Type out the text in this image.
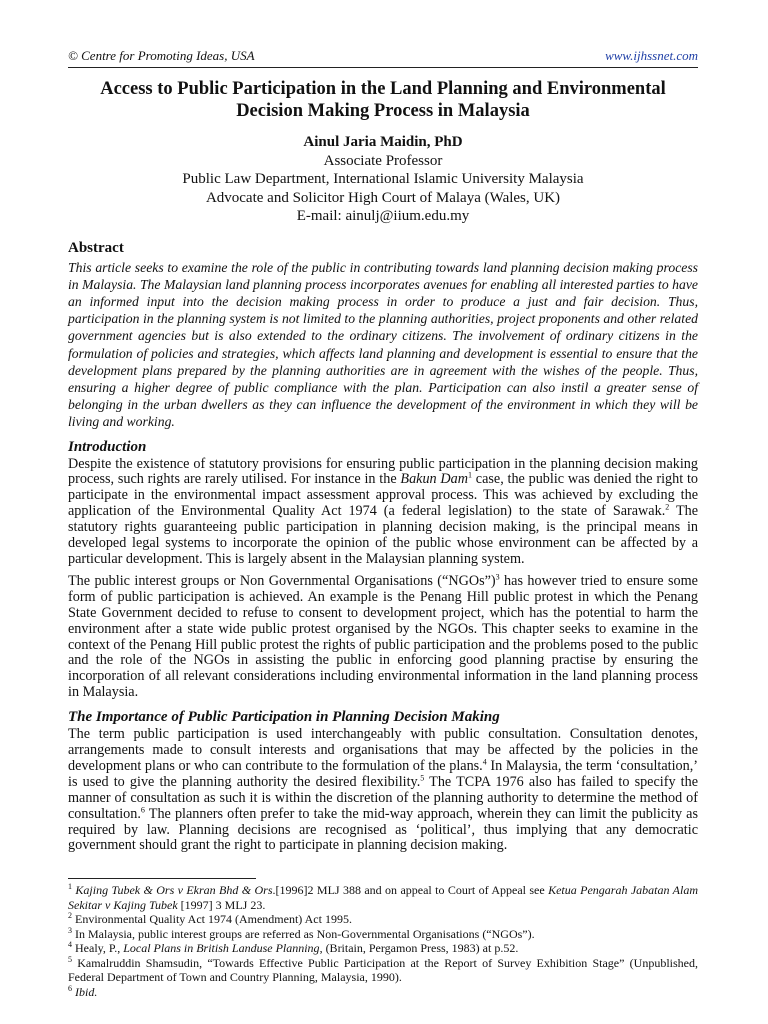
© Centre for Promoting Ideas, USA	www.ijhssnet.com
Access to Public Participation in the Land Planning and Environmental Decision Making Process in Malaysia
Ainul Jaria Maidin, PhD
Associate Professor
Public Law Department, International Islamic University Malaysia
Advocate and Solicitor High Court of Malaya (Wales, UK)
E-mail: ainulj@iium.edu.my
Abstract

This article seeks to examine the role of the public in contributing towards land planning decision making process in Malaysia. The Malaysian land planning process incorporates avenues for enabling all interested parties to have an informed input into the decision making process in order to produce a just and fair decision. Thus, participation in the planning system is not limited to the planning authorities, project proponents and other related government agencies but is also extended to the ordinary citizens. The involvement of ordinary citizens in the formulation of policies and strategies, which affects land planning and development is essential to ensure that the development plans prepared by the planning authorities are in agreement with the wishes of the people. Thus, ensuring a higher degree of public compliance with the plan. Participation can also instil a greater sense of belonging in the urban dwellers as they can influence the development of the environment in which they will be living and working.

Introduction

Despite the existence of statutory provisions for ensuring public participation in the planning decision making process, such rights are rarely utilised. For instance in the Bakun Dam$^1$ case, the public was denied the right to participate in the environmental impact assessment approval process. This was achieved by excluding the application of the Environmental Quality Act 1974 (a federal legislation) to the state of Sarawak.$^2$ The statutory rights guaranteeing public participation in planning decision making, is the principal means in developed legal systems to incorporate the opinion of the public whose environment can be affected by a particular development. This is largely absent in the Malaysian planning system.

The public interest groups or Non Governmental Organisations (“NGOs”)$^3$ has however tried to ensure some form of public participation is achieved. An example is the Penang Hill public protest in which the Penang State Government decided to refuse to consent to development project, which has the potential to harm the environment after a state wide public protest organised by the NGOs. This chapter seeks to examine in the context of the Penang Hill public protest the rights of public participation and the problems posed to the public and the role of the NGOs in assisting the public in enforcing good planning practise by ensuring the incorporation of all relevant considerations including environmental information in the land planning process in Malaysia.

The Importance of Public Participation in Planning Decision Making

The term public participation is used interchangeably with public consultation. Consultation denotes, arrangements made to consult interests and organisations that may be affected by the policies in the development plans or who can contribute to the formulation of the plans.$^4$ In Malaysia, the term ‘consultation,’ is used to give the planning authority the desired flexibility.$^5$ The TCPA 1976 also has failed to specify the manner of consultation as such it is within the discretion of the planning authority to determine the method of consultation.$^6$ The planners often prefer to take the mid-way approach, wherein they can limit the publicity as required by law. Planning decisions are recognised as ‘political’, thus implying that any democratic government should grant the right to participate in planning decision making.

$^1$ Kajing Tubek & Ors v Ekran Bhd & Ors.[1996]2 MLJ 388 and on appeal to Court of Appeal see Ketua Pengarah Jabatan Alam Sekitar v Kajing Tubek [1997] 3 MLJ 23.
$^2$ Environmental Quality Act 1974 (Amendment) Act 1995.
$^3$ In Malaysia, public interest groups are referred as Non-Governmental Organisations (“NGOs”).
$^4$ Healy, P., Local Plans in British Landuse Planning, (Britain, Pergamon Press, 1983) at p.52.
$^5$ Kamalruddin Shamsudin, “Towards Effective Public Participation at the Report of Survey Exhibition Stage” (Unpublished, Federal Department of Town and Country Planning, Malaysia, 1990).
$^6$ Ibid.
